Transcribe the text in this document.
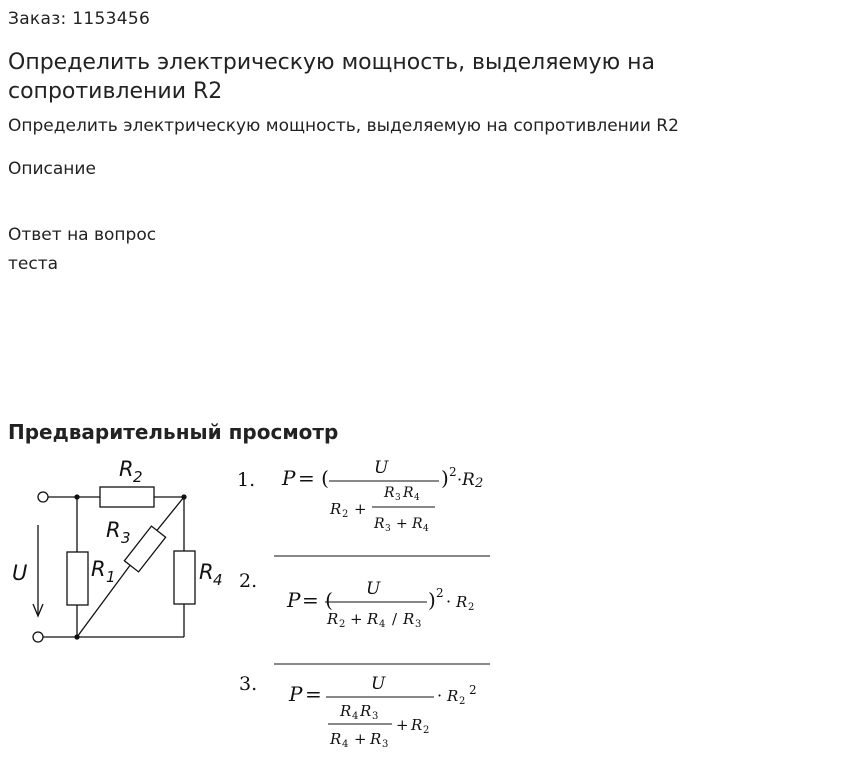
Заказ: 1153456
Определить электрическую мощность, выделяемую на сопротивлении R2
Определить электрическую мощность, выделяемую на сопротивлении R2
Описание
Ответ на вопрос теста
Предварительный просмотр
R 2
R 3
R 1	R 4
U
1. P = (	U
R 2 +
R 3 R 4
R 3 + R 4
) 2 · R 2
2.
P = ( U
R 2 + R 4 / R 3
) 2 · R 2
3. P =	U
R 4 R 3
R 4 + R 3
+ R 2
· R 2
2
